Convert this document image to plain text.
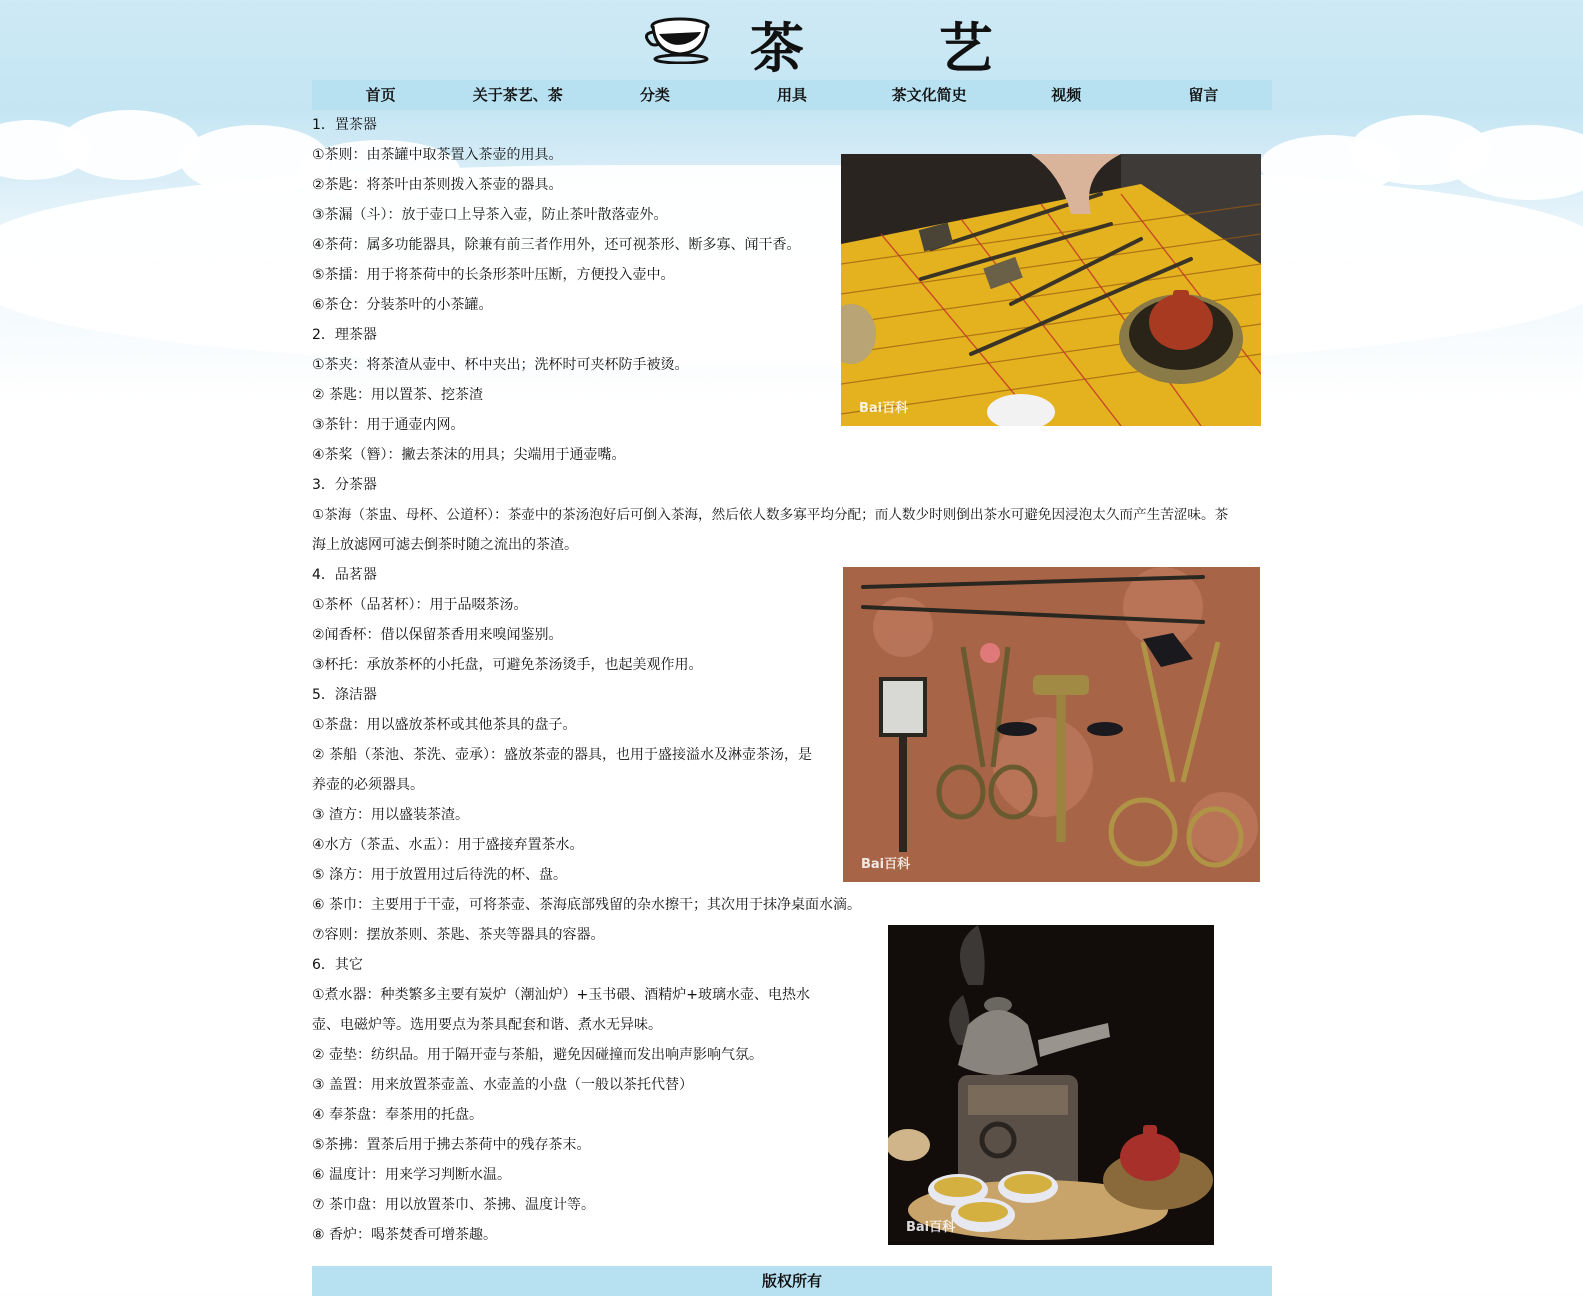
茶 艺
首页	关于茶艺、茶	分类	用具	茶文化简史	视频	留言
1．置茶器
①茶则：由茶罐中取茶置入茶壶的用具。
②茶匙：将茶叶由茶则拨入茶壶的器具。
③茶漏（斗）：放于壶口上导茶入壶，防止茶叶散落壶外。
④茶荷：属多功能器具，除兼有前三者作用外，还可视茶形、断多寡、闻干香。
⑤茶擂：用于将茶荷中的长条形茶叶压断，方便投入壶中。
⑥茶仓：分装茶叶的小茶罐。
2．理茶器
①茶夹：将茶渣从壶中、杯中夹出；洗杯时可夹杯防手被烫。
② 茶匙：用以置茶、挖茶渣
③茶针：用于通壶内网。
④茶桨（簪）：撇去茶沫的用具；尖端用于通壶嘴。
3．分茶器
①茶海（茶盅、母杯、公道杯）：茶壶中的茶汤泡好后可倒入茶海，然后依人数多寡平均分配；而人数少时则倒出茶水可避免因浸泡太久而产生苦涩味。茶
海上放滤网可滤去倒茶时随之流出的茶渣。
4．品茗器
①茶杯（品茗杯）：用于品啜茶汤。
②闻香杯：借以保留茶香用来嗅闻鉴别。
③杯托：承放茶杯的小托盘，可避免茶汤烫手，也起美观作用。
5．涤洁器
①茶盘：用以盛放茶杯或其他茶具的盘子。
② 茶船（茶池、茶洗、壶承）：盛放茶壶的器具，也用于盛接溢水及淋壶茶汤，是
养壶的必须器具。
③ 渣方：用以盛装茶渣。
④水方（茶盂、水盂）：用于盛接弃置茶水。
⑤ 涤方：用于放置用过后待洗的杯、盘。
⑥ 茶巾：主要用于干壶，可将茶壶、茶海底部残留的杂水擦干；其次用于抹净桌面水滴。
⑦容则：摆放茶则、茶匙、茶夹等器具的容器。
6．其它
①煮水器：种类繁多主要有炭炉（潮汕炉）+玉书碨、酒精炉+玻璃水壶、电热水
壶、电磁炉等。选用要点为茶具配套和谐、煮水无异味。
② 壶垫：纺织品。用于隔开壶与茶船，避免因碰撞而发出响声影响气氛。
③ 盖置：用来放置茶壶盖、水壶盖的小盘（一般以茶托代替）
④ 奉茶盘：奉茶用的托盘。
⑤茶拂：置茶后用于拂去茶荷中的残存茶末。
⑥ 温度计：用来学习判断水温。
⑦ 茶巾盘：用以放置茶巾、茶拂、温度计等。
⑧ 香炉：喝茶焚香可增茶趣。
Bai百科
Bai百科
Bai百科
版权所有
